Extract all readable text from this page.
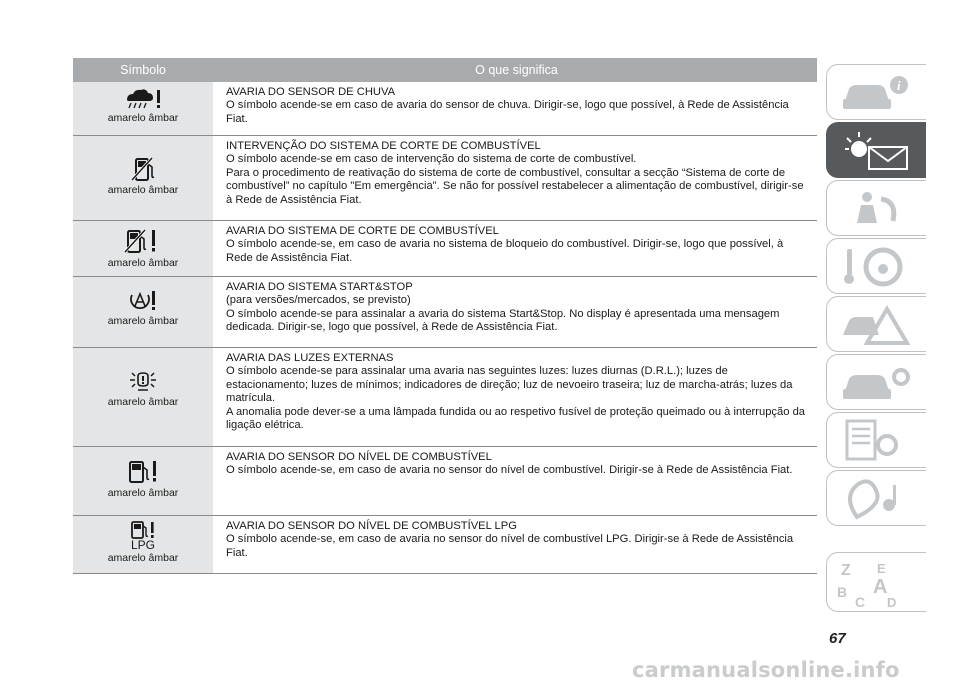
Símbolo	O que significa
amarelo âmbar

AVARIA DO SENSOR DE CHUVA

O símbolo acende-se em caso de avaria do sensor de chuva. Dirigir-se, logo que possível, à Rede de Assistência Fiat.

amarelo âmbar

INTERVENÇÃO DO SISTEMA DE CORTE DE COMBUSTÍVEL

O símbolo acende-se em caso de intervenção do sistema de corte de combustível.

Para o procedimento de reativação do sistema de corte de combustível, consultar a secção “Sistema de corte de combustível” no capítulo "Em emergência". Se não for possível restabelecer a alimentação de combustível, dirigir-se à Rede de Assistência Fiat.

amarelo âmbar

AVARIA DO SISTEMA DE CORTE DE COMBUSTÍVEL

O símbolo acende-se, em caso de avaria no sistema de bloqueio do combustível. Dirigir-se, logo que possível, à Rede de Assistência Fiat.

amarelo âmbar

AVARIA DO SISTEMA START&STOP

(para versões/mercados, se previsto)

O símbolo acende-se para assinalar a avaria do sistema Start&Stop. No display é apresentada uma mensagem dedicada. Dirigir-se, logo que possível, à Rede de Assistência Fiat.

amarelo âmbar

AVARIA DAS LUZES EXTERNAS

O símbolo acende-se para assinalar uma avaria nas seguintes luzes: luzes diurnas (D.R.L.); luzes de estacionamento; luzes de mínimos; indicadores de direção; luz de nevoeiro traseira; luz de marcha-atrás; luzes da matrícula.

A anomalia pode dever-se a uma lâmpada fundida ou ao respetivo fusível de proteção queimado ou à interrupção da ligação elétrica.

amarelo âmbar

AVARIA DO SENSOR DO NÍVEL DE COMBUSTÍVEL

O símbolo acende-se, em caso de avaria no sensor do nível de combustível. Dirigir-se à Rede de Assistência Fiat.

LPG
amarelo âmbar

AVARIA DO SENSOR DO NÍVEL DE COMBUSTÍVEL LPG

O símbolo acende-se, em caso de avaria no sensor do nível de combustível LPG. Dirigir-se à Rede de Assistência Fiat.

i
Z E
B A
C D
67
carmanualsonline.info
